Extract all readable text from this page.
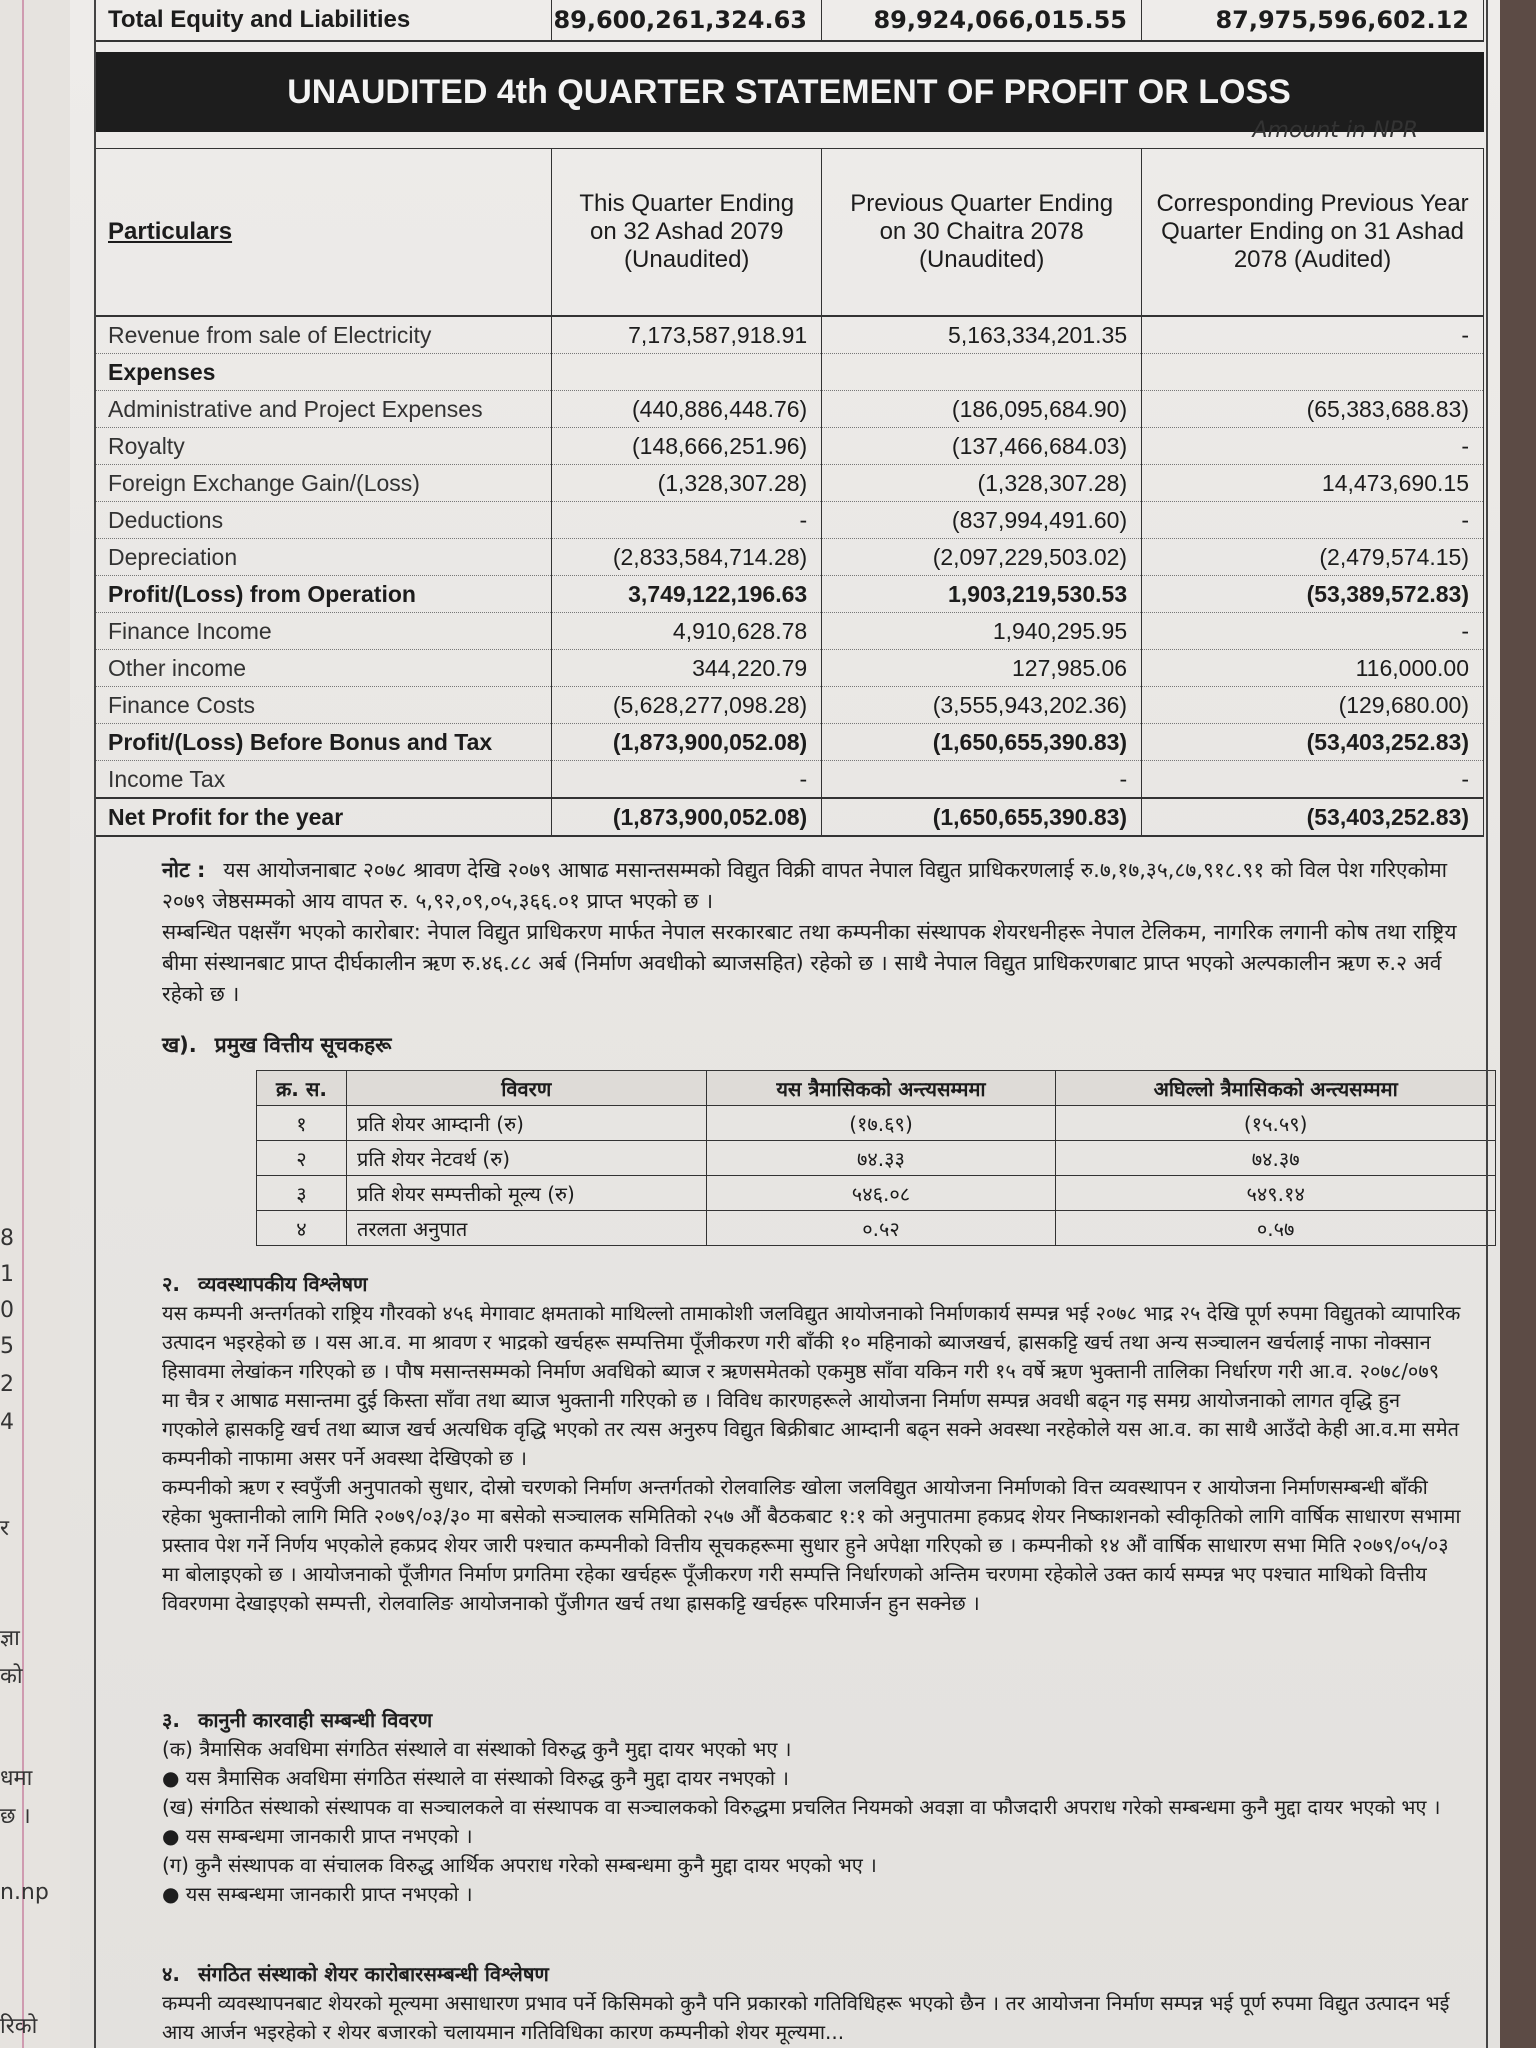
8
1
0
5
2
4
र
ज्ञा
को
धमा
छ ।
n.np
रिको
Total Equity and Liabilities	89,600,261,324.63	89,924,066,015.55	87,975,596,602.12
UNAUDITED 4th QUARTER STATEMENT OF PROFIT OR LOSS
Amount in NPR
Particulars	This Quarter Ending on 32 Ashad 2079 (Unaudited)	Previous Quarter Ending on 30 Chaitra 2078 (Unaudited)	Corresponding Previous Year Quarter Ending on 31 Ashad 2078 (Audited)
Revenue from sale of Electricity	7,173,587,918.91	5,163,334,201.35	-
Expenses			
Administrative and Project Expenses	(440,886,448.76)	(186,095,684.90)	(65,383,688.83)
Royalty	(148,666,251.96)	(137,466,684.03)	-
Foreign Exchange Gain/(Loss)	(1,328,307.28)	(1,328,307.28)	14,473,690.15
Deductions	-	(837,994,491.60)	-
Depreciation	(2,833,584,714.28)	(2,097,229,503.02)	(2,479,574.15)
Profit/(Loss) from Operation	3,749,122,196.63	1,903,219,530.53	(53,389,572.83)
Finance Income	4,910,628.78	1,940,295.95	-
Other income	344,220.79	127,985.06	116,000.00
Finance Costs	(5,628,277,098.28)	(3,555,943,202.36)	(129,680.00)
Profit/(Loss) Before Bonus and Tax	(1,873,900,052.08)	(1,650,655,390.83)	(53,403,252.83)
Income Tax	-	-	-
Net Profit for the year	(1,873,900,052.08)	(1,650,655,390.83)	(53,403,252.83)
नोट : यस आयोजनाबाट २०७८ श्रावण देखि २०७९ आषाढ मसान्तसम्मको विद्युत विक्री वापत नेपाल विद्युत प्राधिकरणलाई रु.७,१७,३५,८७,९१८.९१ को विल पेश गरिएकोमा २०७९ जेष्ठसम्मको आय वापत रु. ५,९२,०९,०५,३६६.०१ प्राप्त भएको छ ।
सम्बन्धित पक्षसँग भएको कारोबार: नेपाल विद्युत प्राधिकरण मार्फत नेपाल सरकारबाट तथा कम्पनीका संस्थापक शेयरधनीहरू नेपाल टेलिकम, नागरिक लगानी कोष तथा राष्ट्रिय बीमा संस्थानबाट प्राप्त दीर्घकालीन ऋण रु.४६.८८ अर्ब (निर्माण अवधीको ब्याजसहित) रहेको छ । साथै नेपाल विद्युत प्राधिकरणबाट प्राप्त भएको अल्पकालीन ऋण रु.२ अर्व रहेको छ ।
ख). प्रमुख वित्तीय सूचकहरू
क्र. स.	विवरण	यस त्रैमासिकको अन्त्यसम्ममा	अघिल्लो त्रैमासिकको अन्त्यसम्ममा
१	प्रति शेयर आम्दानी (रु)	(१७.६९)	(१५.५९)
२	प्रति शेयर नेटवर्थ (रु)	७४.३३	७४.३७
३	प्रति शेयर सम्पत्तीको मूल्य (रु)	५४६.०८	५४९.१४
४	तरलता अनुपात	०.५२	०.५७
२. व्यवस्थापकीय विश्लेषण
यस कम्पनी अन्तर्गतको राष्ट्रिय गौरवको ४५६ मेगावाट क्षमताको माथिल्लो तामाकोशी जलविद्युत आयोजनाको निर्माणकार्य सम्पन्न भई २०७८ भाद्र २५ देखि पूर्ण रुपमा विद्युतको व्यापारिक उत्पादन भइरहेको छ । यस आ.व. मा श्रावण र भाद्रको खर्चहरू सम्पत्तिमा पूँजीकरण गरी बाँकी १० महिनाको ब्याजखर्च, ह्रासकट्टि खर्च तथा अन्य सञ्चालन खर्चलाई नाफा नोक्सान हिसावमा लेखांकन गरिएको छ । पौष मसान्तसम्मको निर्माण अवधिको ब्याज र ऋणसमेतको एकमुष्ठ साँवा यकिन गरी १५ वर्षे ऋण भुक्तानी तालिका निर्धारण गरी आ.व. २०७८/०७९ मा चैत्र र आषाढ मसान्तमा दुई किस्ता साँवा तथा ब्याज भुक्तानी गरिएको छ । विविध कारणहरूले आयोजना निर्माण सम्पन्न अवधी बढ्न गइ समग्र आयोजनाको लागत वृद्धि हुन गएकोले ह्रासकट्टि खर्च तथा ब्याज खर्च अत्यधिक वृद्धि भएको तर त्यस अनुरुप विद्युत बिक्रीबाट आम्दानी बढ्न सक्ने अवस्था नरहेकोले यस आ.व. का साथै आउँदो केही आ.व.मा समेत कम्पनीको नाफामा असर पर्ने अवस्था देखिएको छ ।
कम्पनीको ऋण र स्वपुँजी अनुपातको सुधार, दोस्रो चरणको निर्माण अन्तर्गतको रोलवालिङ खोला जलविद्युत आयोजना निर्माणको वित्त व्यवस्थापन र आयोजना निर्माणसम्बन्धी बाँकी रहेका भुक्तानीको लागि मिति २०७९/०३/३० मा बसेको सञ्चालक समितिको २५७ औं बैठकबाट १:१ को अनुपातमा हकप्रद शेयर निष्काशनको स्वीकृतिको लागि वार्षिक साधारण सभामा प्रस्ताव पेश गर्ने निर्णय भएकोले हकप्रद शेयर जारी पश्चात कम्पनीको वित्तीय सूचकहरूमा सुधार हुने अपेक्षा गरिएको छ । कम्पनीको १४ औं वार्षिक साधारण सभा मिति २०७९/०५/०३ मा बोलाइएको छ । आयोजनाको पूँजीगत निर्माण प्रगतिमा रहेका खर्चहरू पूँजीकरण गरी सम्पत्ति निर्धारणको अन्तिम चरणमा रहेकोले उक्त कार्य सम्पन्न भए पश्चात माथिको वित्तीय विवरणमा देखाइएको सम्पत्ती, रोलवालिङ आयोजनाको पुँजीगत खर्च तथा ह्रासकट्टि खर्चहरू परिमार्जन हुन सक्नेछ ।
३. कानुनी कारवाही सम्बन्धी विवरण
(क) त्रैमासिक अवधिमा संगठित संस्थाले वा संस्थाको विरुद्ध कुनै मुद्दा दायर भएको भए ।
● यस त्रैमासिक अवधिमा संगठित संस्थाले वा संस्थाको विरुद्ध कुनै मुद्दा दायर नभएको ।
(ख) संगठित संस्थाको संस्थापक वा सञ्चालकले वा संस्थापक वा सञ्चालकको विरुद्धमा प्रचलित नियमको अवज्ञा वा फौजदारी अपराध गरेको सम्बन्धमा कुनै मुद्दा दायर भएको भए ।
● यस सम्बन्धमा जानकारी प्राप्त नभएको ।
(ग) कुनै संस्थापक वा संचालक विरुद्ध आर्थिक अपराध गरेको सम्बन्धमा कुनै मुद्दा दायर भएको भए ।
● यस सम्बन्धमा जानकारी प्राप्त नभएको ।
४. संगठित संस्थाको शेयर कारोबारसम्बन्धी विश्लेषण
कम्पनी व्यवस्थापनबाट शेयरको मूल्यमा असाधारण प्रभाव पर्ने किसिमको कुनै पनि प्रकारको गतिविधिहरू भएको छैन । तर आयोजना निर्माण सम्पन्न भई पूर्ण रुपमा विद्युत उत्पादन भई आय आर्जन भइरहेको र शेयर बजारको चलायमान गतिविधिका कारण कम्पनीको शेयर मूल्यमा...
